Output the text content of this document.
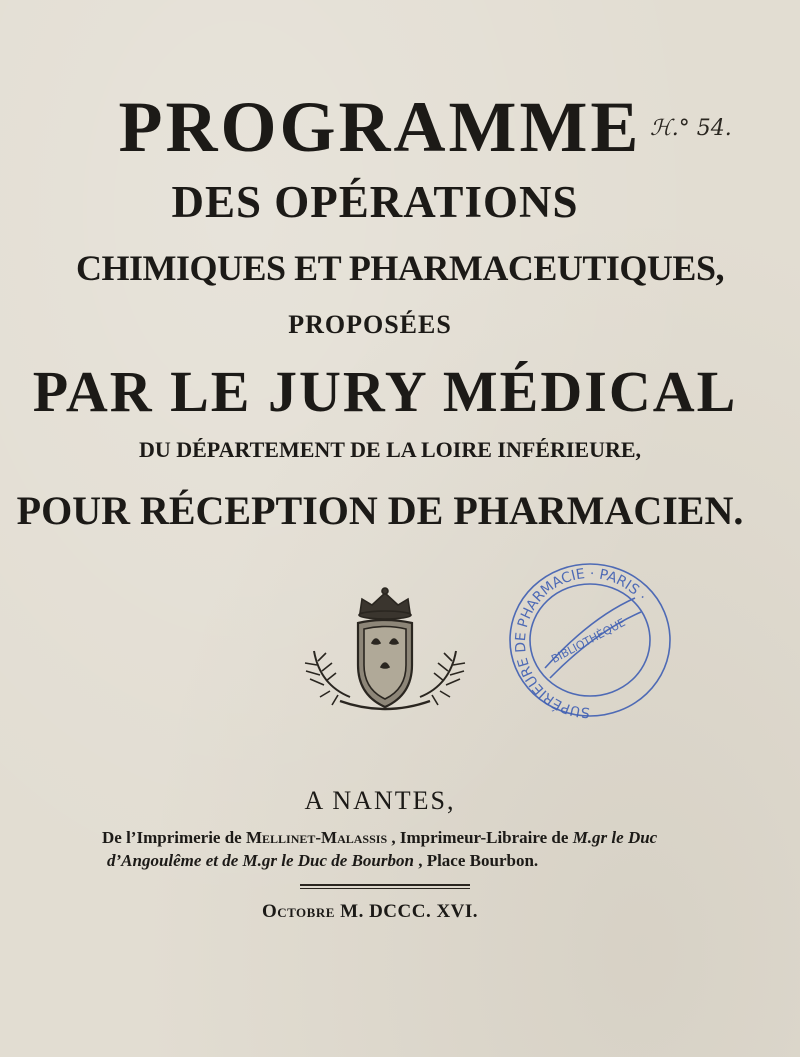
PROGRAMME ℋ.° 54.
DES OPÉRATIONS
CHIMIQUES ET PHARMACEUTIQUES,
PROPOSÉES
PAR LE JURY MÉDICAL
DU DÉPARTEMENT DE LA LOIRE INFÉRIEURE,
POUR RÉCEPTION DE PHARMACIEN.
SUPÉRIEURE DE PHARMACIE · PARIS ·
BIBLIOTHÈQUE
A NANTES,
De l’Imprimerie de Mellinet-Malassis , Imprimeur-Libraire de M.gr le Duc
d’Angoulême et de M.gr le Duc de Bourbon , Place Bourbon.
Octobre M. DCCC. XVI.
